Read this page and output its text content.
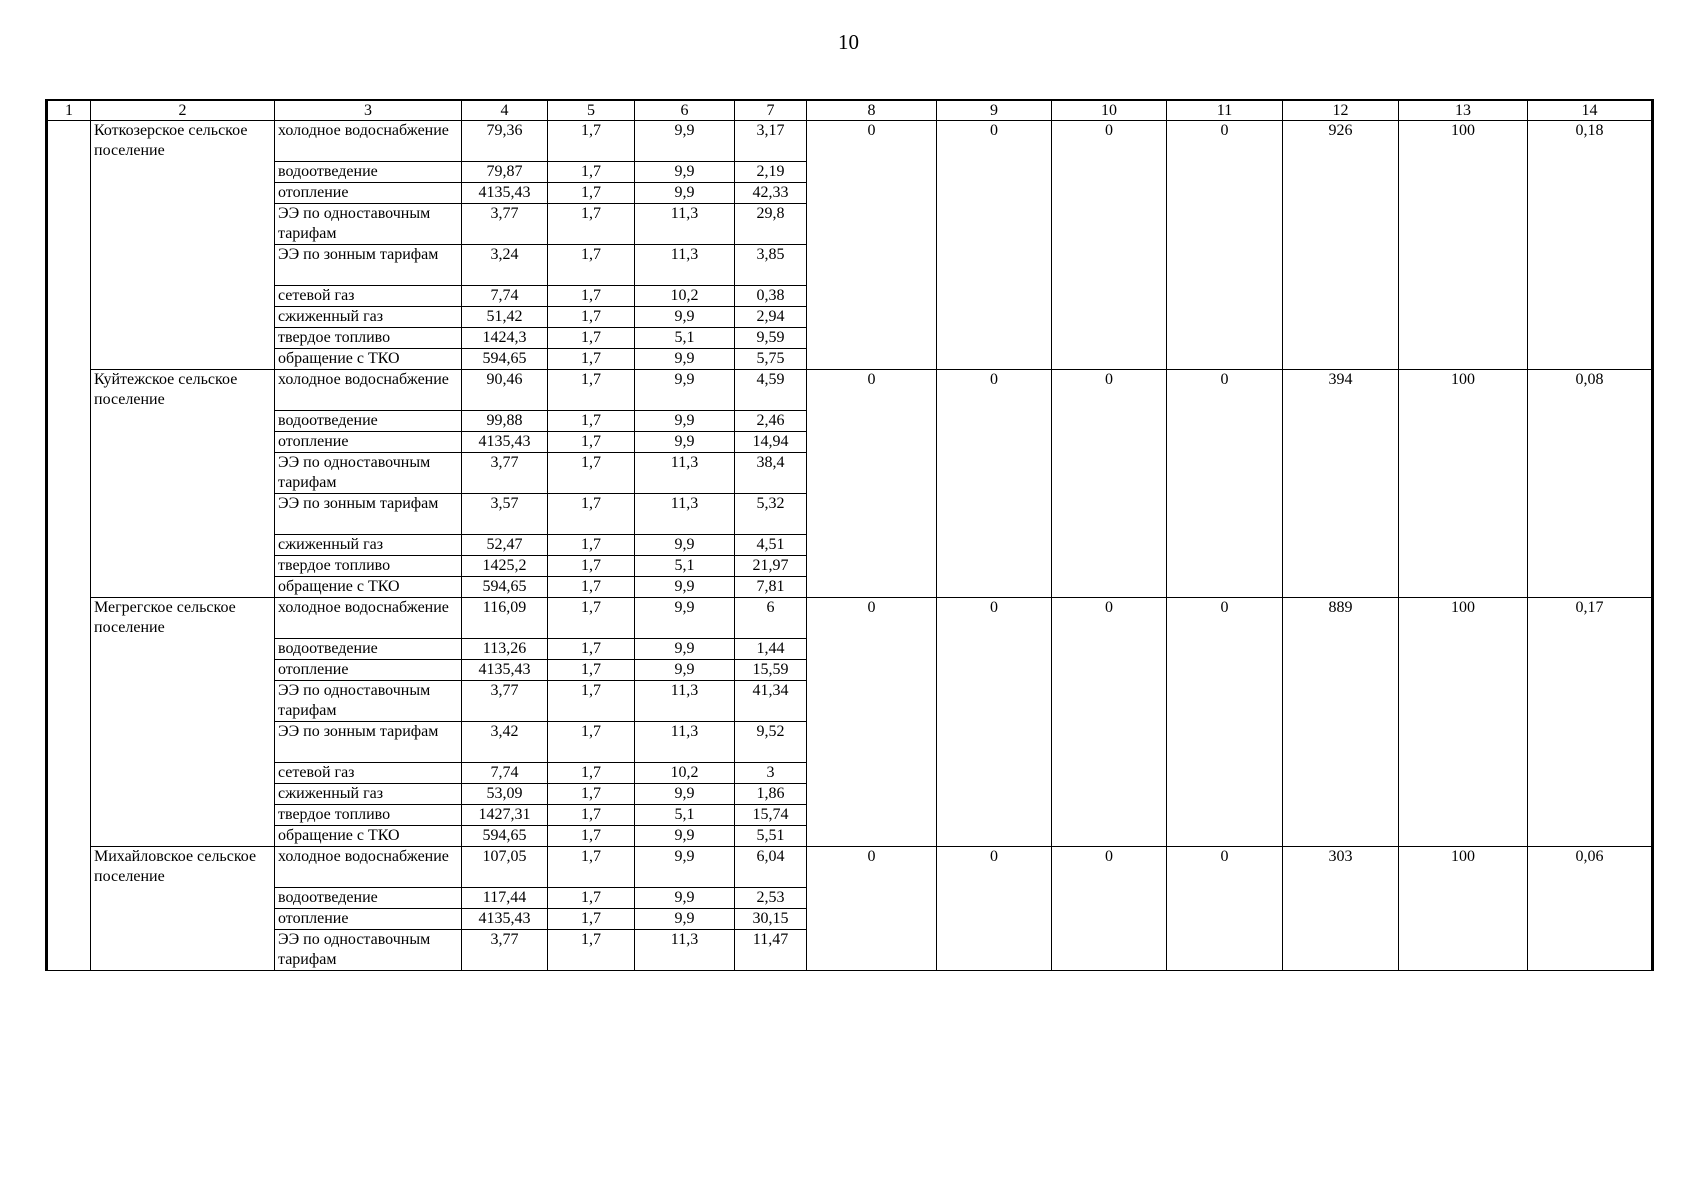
10
1	2	3	4	5	6	7	8	9	10	11	12	13	14
	Коткозерское сельское поселение	холодное водоснабжение	79,36	1,7	9,9	3,17	0	0	0	0	926	100	0,18
		водоотведение	79,87	1,7	9,9	2,19							
		отопление	4135,43	1,7	9,9	42,33							
		ЭЭ по одноставочным тарифам	3,77	1,7	11,3	29,8							
		ЭЭ по зонным тарифам	3,24	1,7	11,3	3,85							
		сетевой газ	7,74	1,7	10,2	0,38							
		сжиженный газ	51,42	1,7	9,9	2,94							
		твердое топливо	1424,3	1,7	5,1	9,59							
		обращение с ТКО	594,65	1,7	9,9	5,75							
	Куйтежское сельское поселение	холодное водоснабжение	90,46	1,7	9,9	4,59	0	0	0	0	394	100	0,08
		водоотведение	99,88	1,7	9,9	2,46							
		отопление	4135,43	1,7	9,9	14,94							
		ЭЭ по одноставочным тарифам	3,77	1,7	11,3	38,4							
		ЭЭ по зонным тарифам	3,57	1,7	11,3	5,32							
		сжиженный газ	52,47	1,7	9,9	4,51							
		твердое топливо	1425,2	1,7	5,1	21,97							
		обращение с ТКО	594,65	1,7	9,9	7,81							
	Мегрегское сельское поселение	холодное водоснабжение	116,09	1,7	9,9	6	0	0	0	0	889	100	0,17
		водоотведение	113,26	1,7	9,9	1,44							
		отопление	4135,43	1,7	9,9	15,59							
		ЭЭ по одноставочным тарифам	3,77	1,7	11,3	41,34							
		ЭЭ по зонным тарифам	3,42	1,7	11,3	9,52							
		сетевой газ	7,74	1,7	10,2	3							
		сжиженный газ	53,09	1,7	9,9	1,86							
		твердое топливо	1427,31	1,7	5,1	15,74							
		обращение с ТКО	594,65	1,7	9,9	5,51							
	Михайловское сельское поселение	холодное водоснабжение	107,05	1,7	9,9	6,04	0	0	0	0	303	100	0,06
		водоотведение	117,44	1,7	9,9	2,53							
		отопление	4135,43	1,7	9,9	30,15							
		ЭЭ по одноставочным тарифам	3,77	1,7	11,3	11,47							
